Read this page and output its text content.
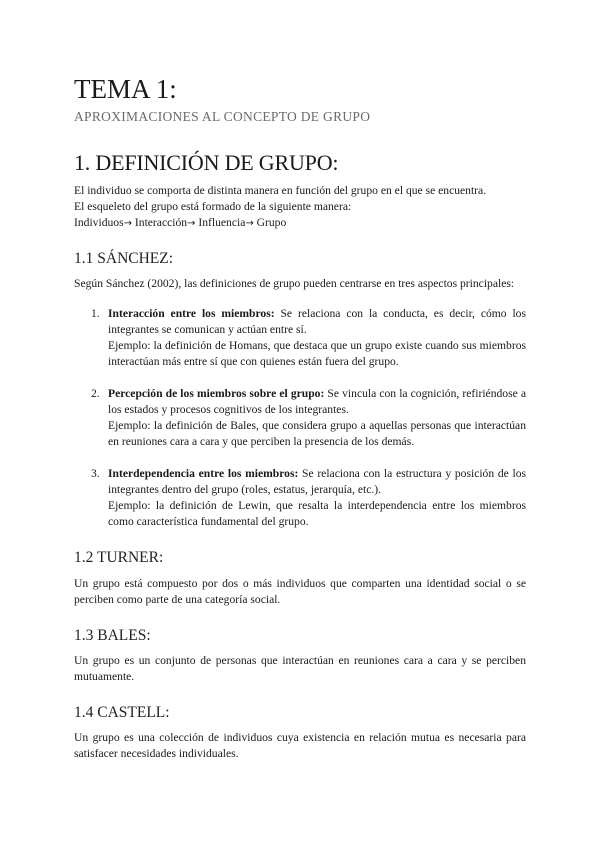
TEMA 1:
APROXIMACIONES AL CONCEPTO DE GRUPO
1. DEFINICIÓN DE GRUPO:
El individuo se comporta de distinta manera en función del grupo en el que se encuentra.
El esqueleto del grupo está formado de la siguiente manera:
Individuos→ Interacción→ Influencia→ Grupo
1.1 SÁNCHEZ:

Según Sánchez (2002), las definiciones de grupo pueden centrarse en tres aspectos principales:

1. Interacción entre los miembros: Se relaciona con la conducta, es decir, cómo los integrantes se comunican y actúan entre sí.

Ejemplo: la definición de Homans, que destaca que un grupo existe cuando sus miembros interactúan más entre sí que con quienes están fuera del grupo.

2. Percepción de los miembros sobre el grupo: Se vincula con la cognición, refiriéndose a los estados y procesos cognitivos de los integrantes.

Ejemplo: la definición de Bales, que considera grupo a aquellas personas que interactúan en reuniones cara a cara y que perciben la presencia de los demás.

3. Interdependencia entre los miembros: Se relaciona con la estructura y posición de los integrantes dentro del grupo (roles, estatus, jerarquía, etc.).

Ejemplo: la definición de Lewin, que resalta la interdependencia entre los miembros como característica fundamental del grupo.

1.2 TURNER:

Un grupo está compuesto por dos o más individuos que comparten una identidad social o se perciben como parte de una categoría social.

1.3 BALES:

Un grupo es un conjunto de personas que interactúan en reuniones cara a cara y se perciben mutuamente.

1.4 CASTELL:

Un grupo es una colección de individuos cuya existencia en relación mutua es necesaria para satisfacer necesidades individuales.
